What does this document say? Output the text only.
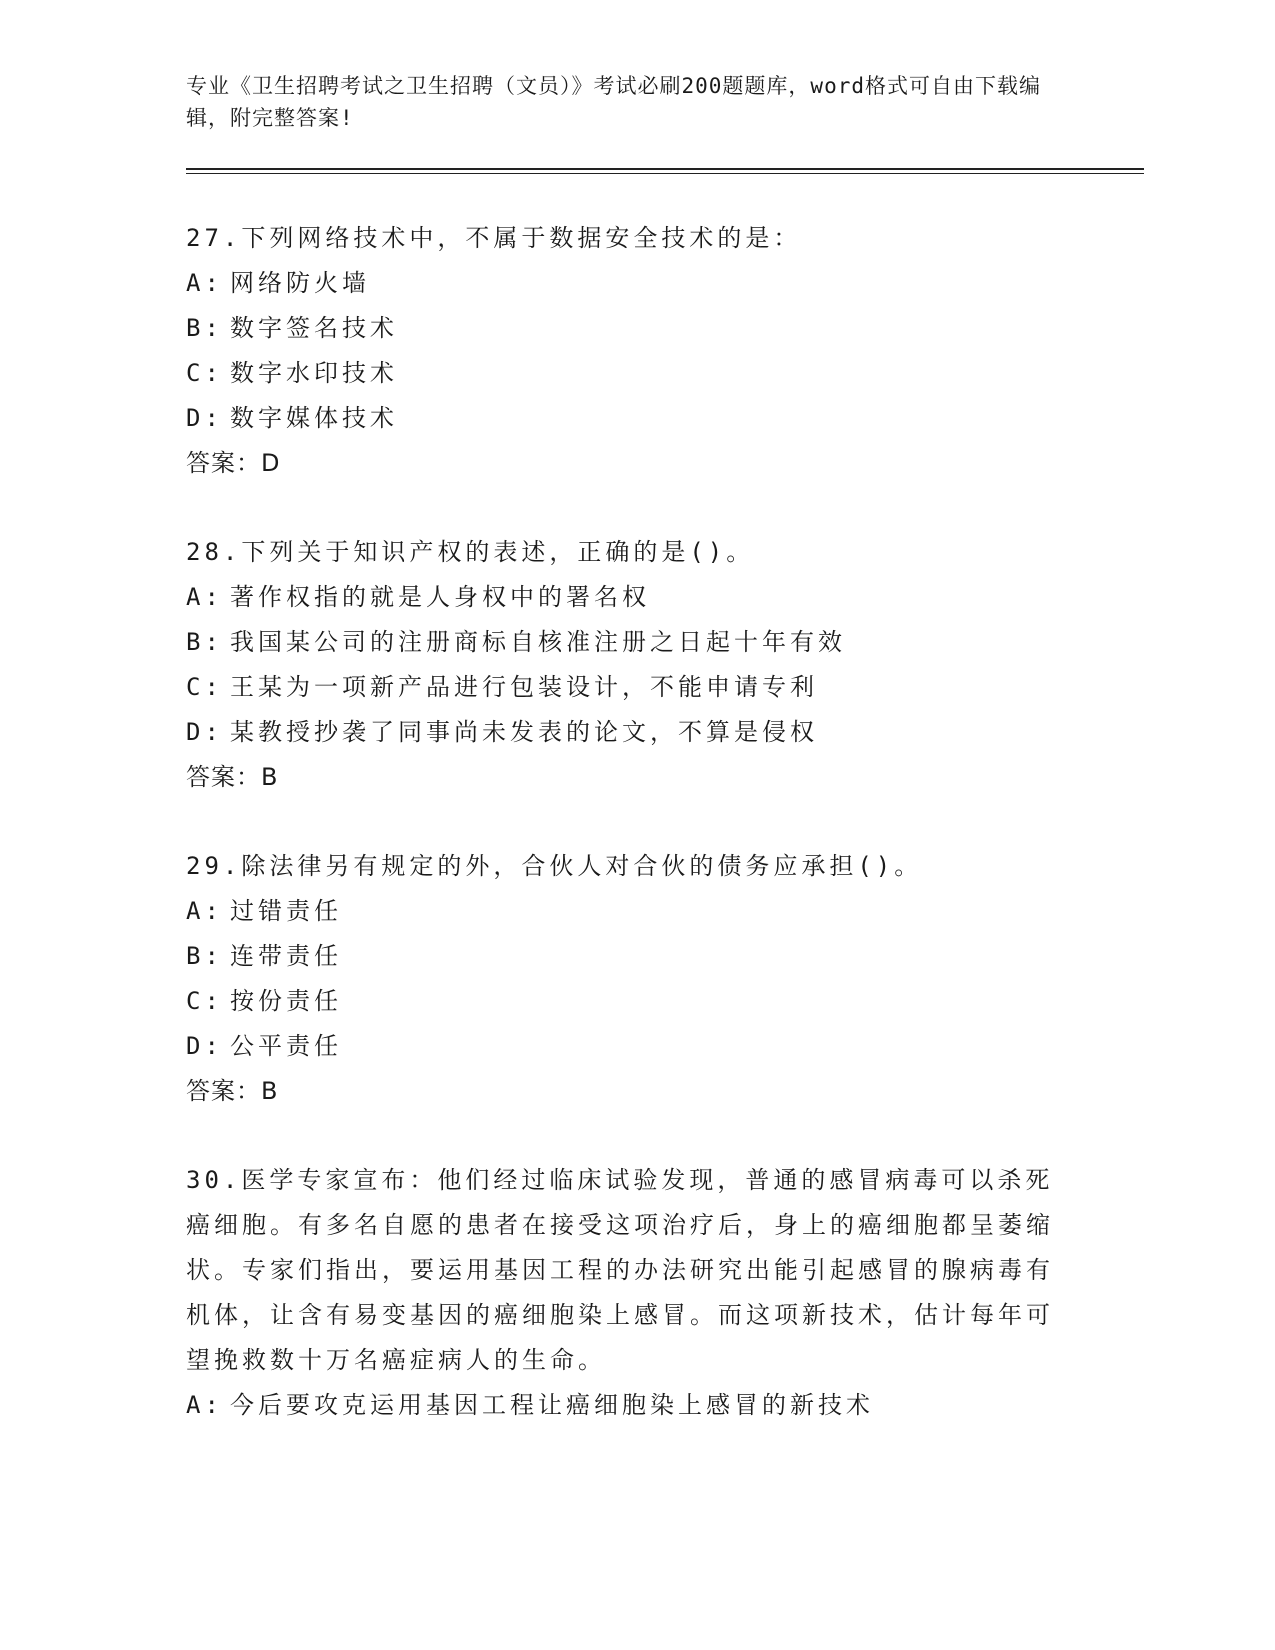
专业《卫生招聘考试之卫生招聘（文员）》考试必刷200题题库，word格式可自由下载编辑，附完整答案!

27.下列网络技术中，不属于数据安全技术的是：

A: 网络防火墙

B: 数字签名技术

C: 数字水印技术

D: 数字媒体技术

答案：D

28.下列关于知识产权的表述，正确的是()。

A: 著作权指的就是人身权中的署名权

B: 我国某公司的注册商标自核准注册之日起十年有效

C: 王某为一项新产品进行包装设计，不能申请专利

D: 某教授抄袭了同事尚未发表的论文，不算是侵权

答案：B

29.除法律另有规定的外，合伙人对合伙的债务应承担()。

A: 过错责任

B: 连带责任

C: 按份责任

D: 公平责任

答案：B

30.医学专家宣布：他们经过临床试验发现，普通的感冒病毒可以杀死癌细胞。有多名自愿的患者在接受这项治疗后，身上的癌细胞都呈萎缩状。专家们指出，要运用基因工程的办法研究出能引起感冒的腺病毒有机体，让含有易变基因的癌细胞染上感冒。而这项新技术，估计每年可望挽救数十万名癌症病人的生命。

A: 今后要攻克运用基因工程让癌细胞染上感冒的新技术
